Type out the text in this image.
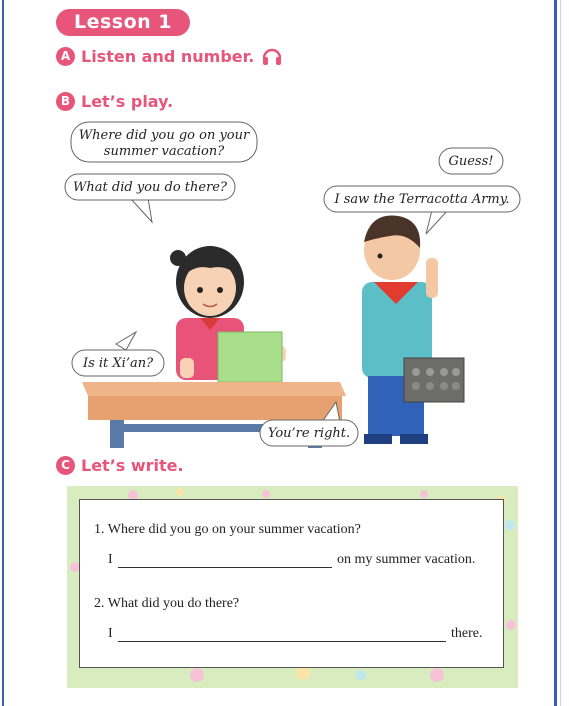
Lesson 1
A Listen and number.
B Let’s play.
Where did you go on your
summer vacation?
What did you do there?
Guess!
I saw the Terracotta Army.
Is it Xi’an?
You’re right.
C Let’s write.
1. Where did you go on your summer vacation?
I	on my summer vacation.
2. What did you do there?
I	there.
